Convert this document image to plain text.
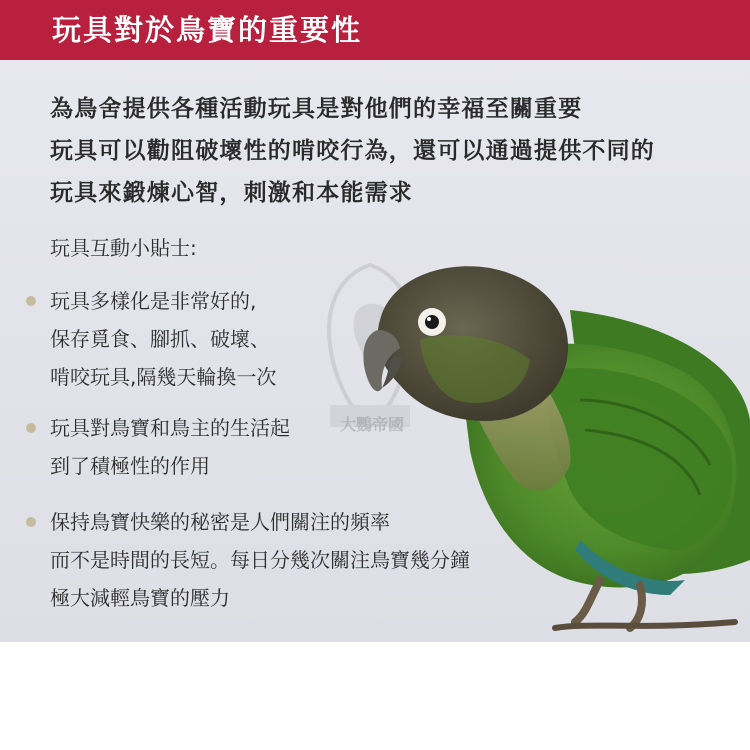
玩具對於鳥寶的重要性
為鳥舍提供各種活動玩具是對他們的幸福至關重要
玩具可以勸阻破壞性的啃咬行為，還可以通過提供不同的
玩具來鍛煉心智，刺激和本能需求
大鸚帝國
玩具互動小貼士:
玩具多樣化是非常好的,
保存覓食、腳抓、破壞、
啃咬玩具,隔幾天輪換一次
玩具對鳥寶和鳥主的生活起
到了積極性的作用
保持鳥寶快樂的秘密是人們關注的頻率
而不是時間的長短。每日分幾次關注鳥寶幾分鐘
極大減輕鳥寶的壓力
